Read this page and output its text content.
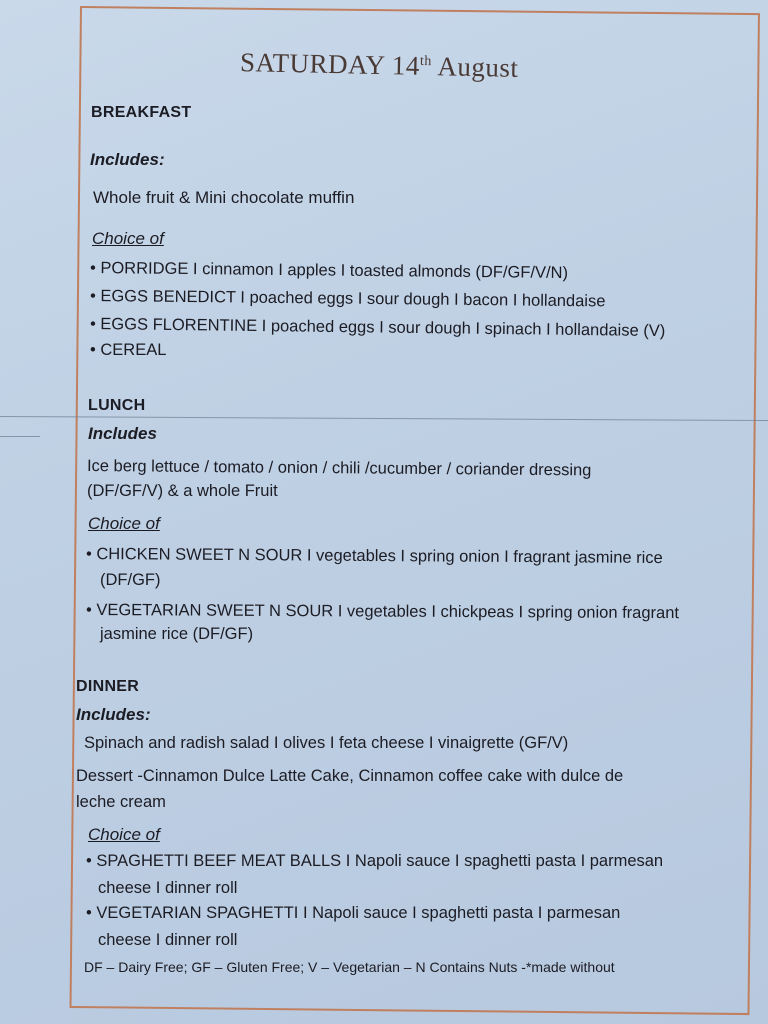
SATURDAY 14th August
BREAKFAST
Includes:
Whole fruit & Mini chocolate muffin
Choice of
• PORRIDGE I cinnamon I apples I toasted almonds (DF/GF/V/N)
• EGGS BENEDICT I poached eggs I sour dough I bacon I hollandaise
• EGGS FLORENTINE I poached eggs I sour dough I spinach I hollandaise (V)
• CEREAL
LUNCH
Includes
Ice berg lettuce / tomato / onion / chili /cucumber / coriander dressing
(DF/GF/V) & a whole Fruit
Choice of
• CHICKEN SWEET N SOUR I vegetables I spring onion I fragrant jasmine rice
(DF/GF)
• VEGETARIAN SWEET N SOUR I vegetables I chickpeas I spring onion fragrant
jasmine rice (DF/GF)
DINNER
Includes:
Spinach and radish salad I olives I feta cheese I vinaigrette (GF/V)
Dessert -Cinnamon Dulce Latte Cake, Cinnamon coffee cake with dulce de
leche cream
Choice of
• SPAGHETTI BEEF MEAT BALLS I Napoli sauce I spaghetti pasta I parmesan
cheese I dinner roll
• VEGETARIAN SPAGHETTI I Napoli sauce I spaghetti pasta I parmesan
cheese I dinner roll
DF – Dairy Free; GF – Gluten Free; V – Vegetarian – N Contains Nuts -*made without
